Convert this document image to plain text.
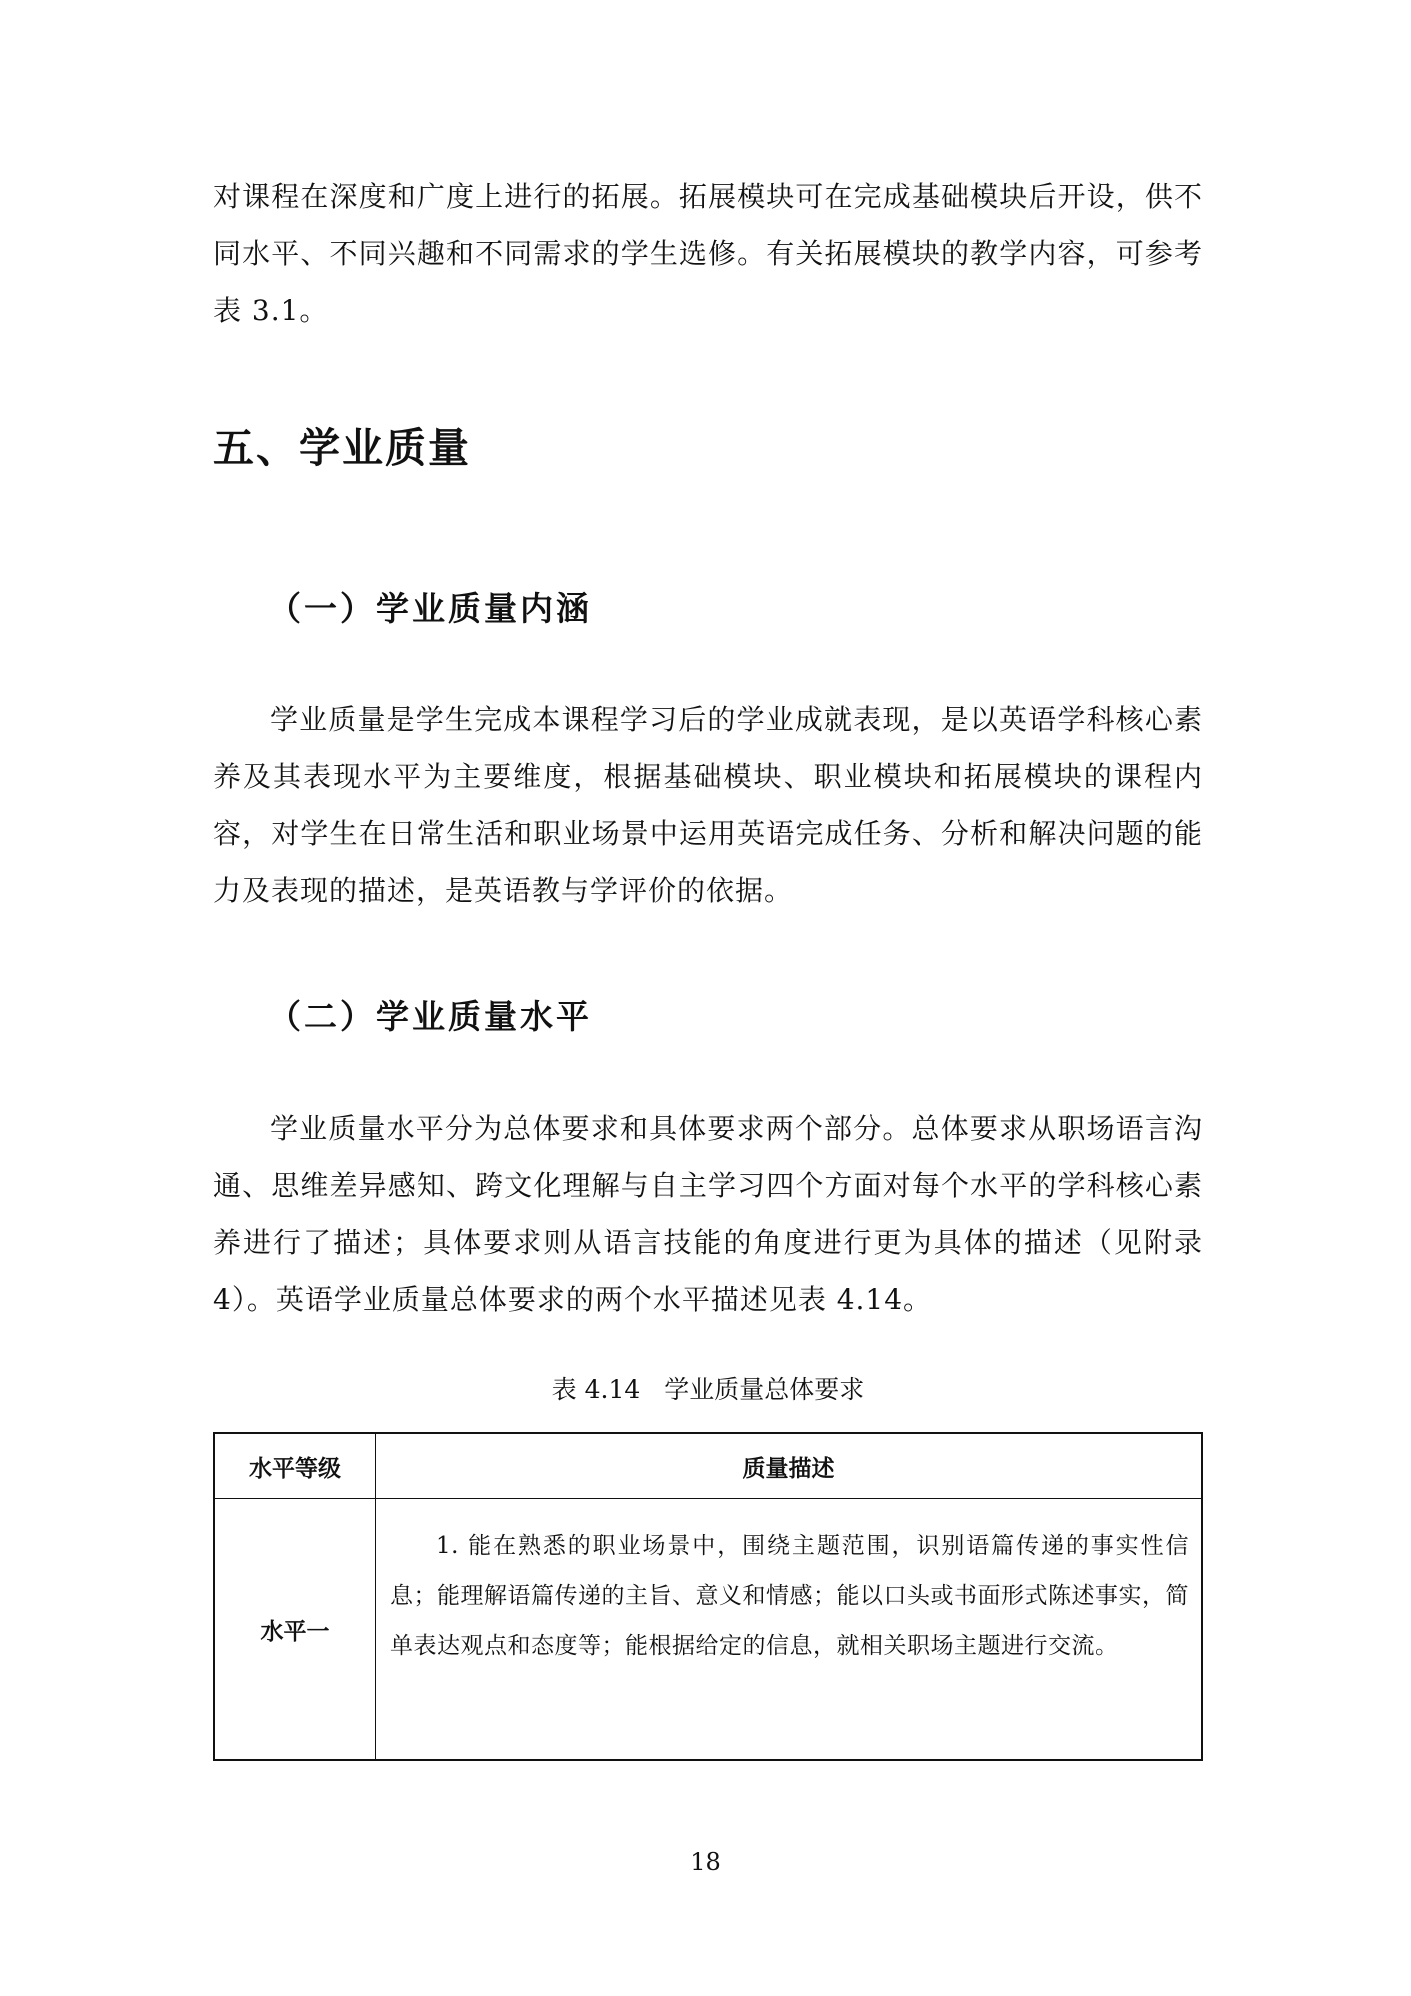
对课程在深度和广度上进行的拓展。拓展模块可在完成基础模块后开设，供不同水平、不同兴趣和不同需求的学生选修。有关拓展模块的教学内容，可参考表 3.1。

五、学业质量
（一）学业质量内涵

学业质量是学生完成本课程学习后的学业成就表现，是以英语学科核心素养及其表现水平为主要维度，根据基础模块、职业模块和拓展模块的课程内容，对学生在日常生活和职业场景中运用英语完成任务、分析和解决问题的能力及表现的描述，是英语教与学评价的依据。

（二）学业质量水平

学业质量水平分为总体要求和具体要求两个部分。总体要求从职场语言沟通、思维差异感知、跨文化理解与自主学习四个方面对每个水平的学科核心素养进行了描述；具体要求则从语言技能的角度进行更为具体的描述（见附录 4）。英语学业质量总体要求的两个水平描述见表 4.14。

表 4.14 学业质量总体要求

水平等级	质量描述
水平一	1. 能在熟悉的职业场景中，围绕主题范围，识别语篇传递的事实性信息；能理解语篇传递的主旨、意义和情感；能以口头或书面形式陈述事实，简单表达观点和态度等；能根据给定的信息，就相关职场主题进行交流。

18
